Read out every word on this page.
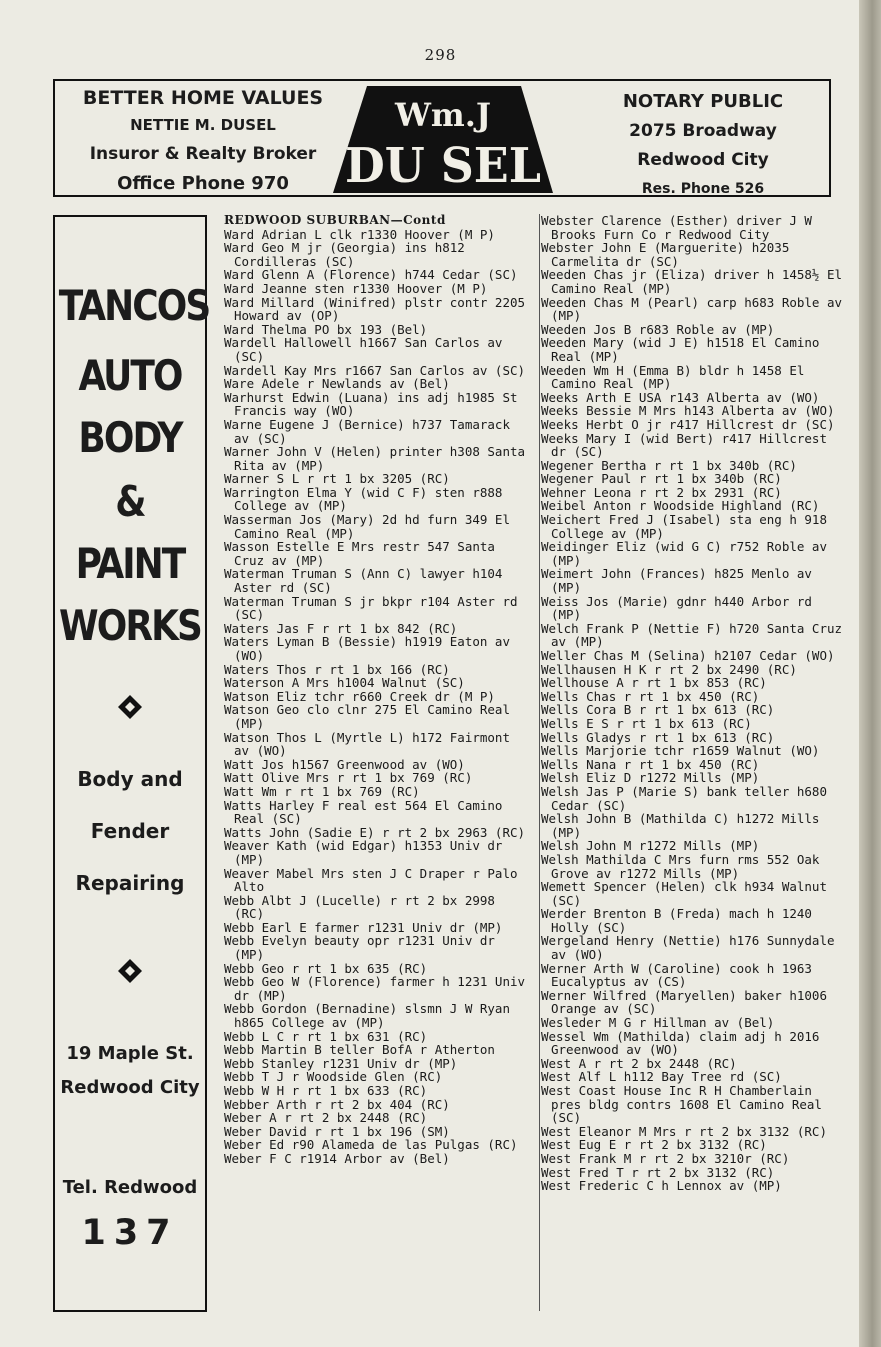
298
BETTER HOME VALUES
NETTIE M. DUSEL
Insuror & Realty Broker
Office Phone 970
Wm.J
DU SEL
NOTARY PUBLIC
2075 Broadway
Redwood City
Res. Phone 526
TANCOS
AUTO
BODY
&
PAINT
WORKS
Body and
Fender
Repairing
19 Maple St.
Redwood City
Tel. Redwood
137
REDWOOD SUBURBAN—Contd
Ward Adrian L clk r1330 Hoover (M P)
Ward Geo M jr (Georgia) ins h812 Cordilleras (SC)
Ward Glenn A (Florence) h744 Cedar (SC)
Ward Jeanne sten r1330 Hoover (M P)
Ward Millard (Winifred) plstr contr 2205 Howard av (OP)
Ward Thelma PO bx 193 (Bel)
Wardell Hallowell h1667 San Carlos av (SC)
Wardell Kay Mrs r1667 San Carlos av (SC)
Ware Adele r Newlands av (Bel)
Warhurst Edwin (Luana) ins adj h1985 St Francis way (WO)
Warne Eugene J (Bernice) h737 Tamarack av (SC)
Warner John V (Helen) printer h308 Santa Rita av (MP)
Warner S L r rt 1 bx 3205 (RC)
Warrington Elma Y (wid C F) sten r888 College av (MP)
Wasserman Jos (Mary) 2d hd furn 349 El Camino Real (MP)
Wasson Estelle E Mrs restr 547 Santa Cruz av (MP)
Waterman Truman S (Ann C) lawyer h104 Aster rd (SC)
Waterman Truman S jr bkpr r104 Aster rd (SC)
Waters Jas F r rt 1 bx 842 (RC)
Waters Lyman B (Bessie) h1919 Eaton av (WO)
Waters Thos r rt 1 bx 166 (RC)
Waterson A Mrs h1004 Walnut (SC)
Watson Eliz tchr r660 Creek dr (M P)
Watson Geo clo clnr 275 El Camino Real (MP)
Watson Thos L (Myrtle L) h172 Fairmont av (WO)
Watt Jos h1567 Greenwood av (WO)
Watt Olive Mrs r rt 1 bx 769 (RC)
Watt Wm r rt 1 bx 769 (RC)
Watts Harley F real est 564 El Camino Real (SC)
Watts John (Sadie E) r rt 2 bx 2963 (RC)
Weaver Kath (wid Edgar) h1353 Univ dr (MP)
Weaver Mabel Mrs sten J C Draper r Palo Alto
Webb Albt J (Lucelle) r rt 2 bx 2998 (RC)
Webb Earl E farmer r1231 Univ dr (MP)
Webb Evelyn beauty opr r1231 Univ dr (MP)
Webb Geo r rt 1 bx 635 (RC)
Webb Geo W (Florence) farmer h 1231 Univ dr (MP)
Webb Gordon (Bernadine) slsmn J W Ryan h865 College av (MP)
Webb L C r rt 1 bx 631 (RC)
Webb Martin B teller BofA r Atherton
Webb Stanley r1231 Univ dr (MP)
Webb T J r Woodside Glen (RC)
Webb W H r rt 1 bx 633 (RC)
Webber Arth r rt 2 bx 404 (RC)
Weber A r rt 2 bx 2448 (RC)
Weber David r rt 1 bx 196 (SM)
Weber Ed r90 Alameda de las Pulgas (RC)
Weber F C r1914 Arbor av (Bel)
Webster Clarence (Esther) driver J W Brooks Furn Co r Redwood City
Webster John E (Marguerite) h2035 Carmelita dr (SC)
Weeden Chas jr (Eliza) driver h 1458½ El Camino Real (MP)
Weeden Chas M (Pearl) carp h683 Roble av (MP)
Weeden Jos B r683 Roble av (MP)
Weeden Mary (wid J E) h1518 El Camino Real (MP)
Weeden Wm H (Emma B) bldr h 1458 El Camino Real (MP)
Weeks Arth E USA r143 Alberta av (WO)
Weeks Bessie M Mrs h143 Alberta av (WO)
Weeks Herbt O jr r417 Hillcrest dr (SC)
Weeks Mary I (wid Bert) r417 Hillcrest dr (SC)
Wegener Bertha r rt 1 bx 340b (RC)
Wegener Paul r rt 1 bx 340b (RC)
Wehner Leona r rt 2 bx 2931 (RC)
Weibel Anton r Woodside Highland (RC)
Weichert Fred J (Isabel) sta eng h 918 College av (MP)
Weidinger Eliz (wid G C) r752 Roble av (MP)
Weimert John (Frances) h825 Menlo av (MP)
Weiss Jos (Marie) gdnr h440 Arbor rd (MP)
Welch Frank P (Nettie F) h720 Santa Cruz av (MP)
Weller Chas M (Selina) h2107 Cedar (WO)
Wellhausen H K r rt 2 bx 2490 (RC)
Wellhouse A r rt 1 bx 853 (RC)
Wells Chas r rt 1 bx 450 (RC)
Wells Cora B r rt 1 bx 613 (RC)
Wells E S r rt 1 bx 613 (RC)
Wells Gladys r rt 1 bx 613 (RC)
Wells Marjorie tchr r1659 Walnut (WO)
Wells Nana r rt 1 bx 450 (RC)
Welsh Eliz D r1272 Mills (MP)
Welsh Jas P (Marie S) bank teller h680 Cedar (SC)
Welsh John B (Mathilda C) h1272 Mills (MP)
Welsh John M r1272 Mills (MP)
Welsh Mathilda C Mrs furn rms 552 Oak Grove av r1272 Mills (MP)
Wemett Spencer (Helen) clk h934 Walnut (SC)
Werder Brenton B (Freda) mach h 1240 Holly (SC)
Wergeland Henry (Nettie) h176 Sunnydale av (WO)
Werner Arth W (Caroline) cook h 1963 Eucalyptus av (CS)
Werner Wilfred (Maryellen) baker h1006 Orange av (SC)
Wesleder M G r Hillman av (Bel)
Wessel Wm (Mathilda) claim adj h 2016 Greenwood av (WO)
West A r rt 2 bx 2448 (RC)
West Alf L h112 Bay Tree rd (SC)
West Coast House Inc R H Chamberlain pres bldg contrs 1608 El Camino Real (SC)
West Eleanor M Mrs r rt 2 bx 3132 (RC)
West Eug E r rt 2 bx 3132 (RC)
West Frank M r rt 2 bx 3210r (RC)
West Fred T r rt 2 bx 3132 (RC)
West Frederic C h Lennox av (MP)
